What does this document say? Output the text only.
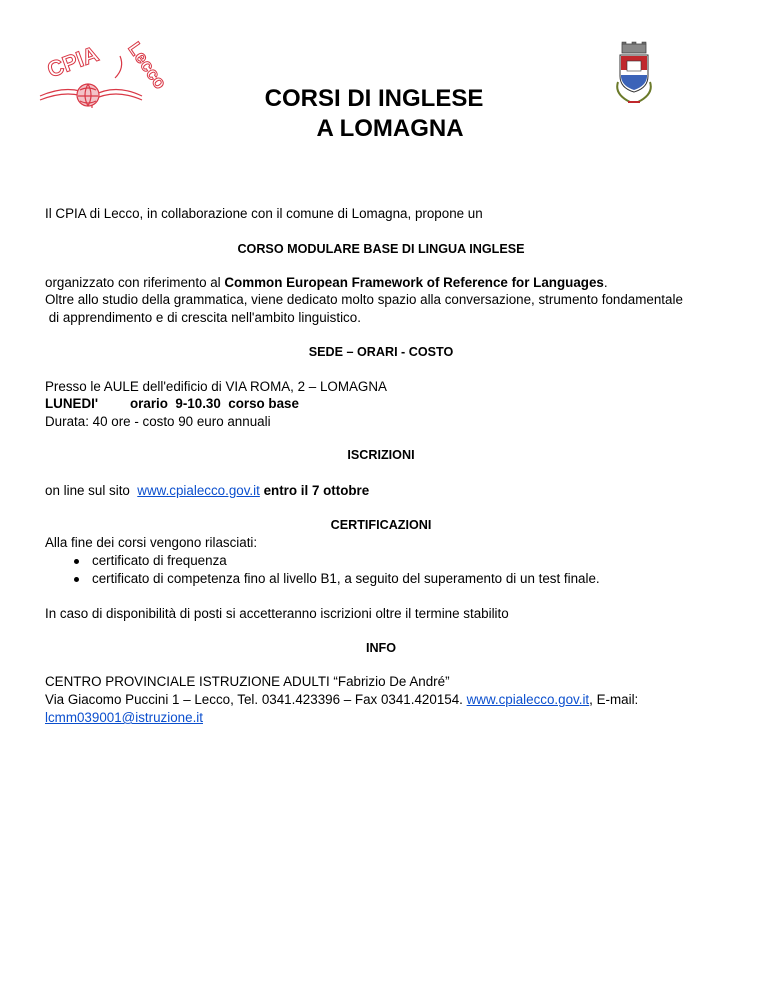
CPIA Lecco
CORSI DI INGLESE
A LOMAGNA
Il CPIA di Lecco, in collaborazione con il comune di Lomagna, propone un
CORSO MODULARE BASE DI LINGUA INGLESE
organizzato con riferimento al Common European Framework of Reference for Languages.
Oltre allo studio della grammatica, viene dedicato molto spazio alla conversazione, strumento fondamentale
di apprendimento e di crescita nell'ambito linguistico.
SEDE – ORARI - COSTO
Presso le AULE dell'edificio di VIA ROMA, 2 – LOMAGNA
LUNEDI' orario  9-10.30  corso base
Durata: 40 ore - costo 90 euro annuali
ISCRIZIONI
on line sul sito  www.cpialecco.gov.it entro il 7 ottobre
CERTIFICAZIONI
Alla fine dei corsi vengono rilasciati:
certificato di frequenza
certificato di competenza fino al livello B1, a seguito del superamento di un test finale.
In caso di disponibilità di posti si accetteranno iscrizioni oltre il termine stabilito
INFO
CENTRO PROVINCIALE ISTRUZIONE ADULTI “Fabrizio De André”
Via Giacomo Puccini 1 – Lecco, Tel. 0341.423396 – Fax 0341.420154. www.cpialecco.gov.it, E-mail:
lcmm039001@istruzione.it
